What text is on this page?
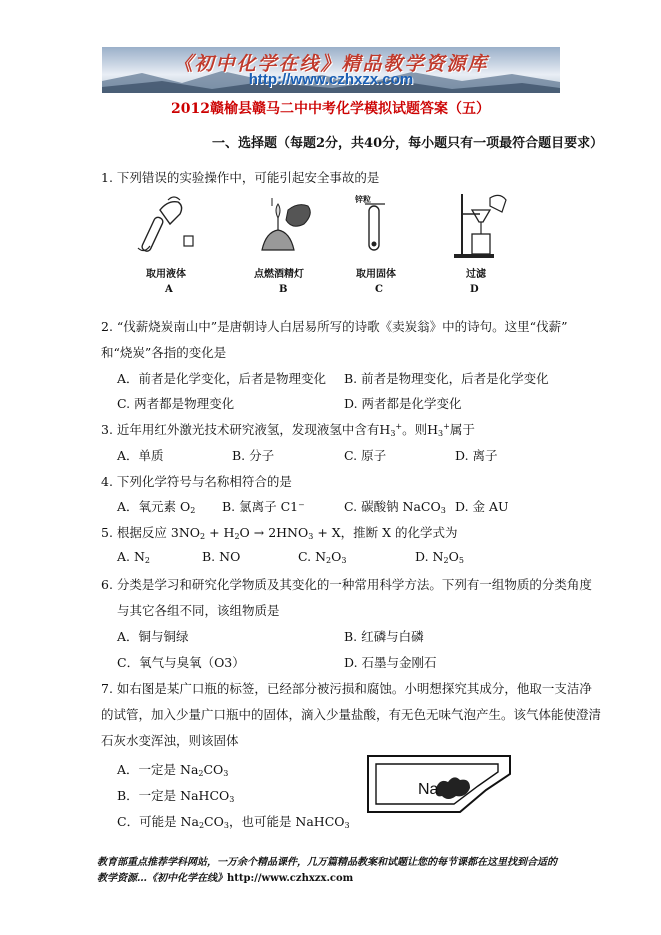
《初中化学在线》精品教学资源库
http://www.czhxzx.com
2012赣榆县赣马二中中考化学模拟试题答案（五）
一、选择题（每题2分，共40分，每小题只有一项最符合题目要求）
1. 下列错误的实验操作中，可能引起安全事故的是
取用液体
A
点燃酒精灯
B
锌粒
取用固体
C
过滤
D
2. “伐薪烧炭南山中”是唐朝诗人白居易所写的诗歌《卖炭翁》中的诗句。这里“伐薪”
和“烧炭”各指的变化是
A．前者是化学变化，后者是物理变化 B. 前者是物理变化，后者是化学变化
C. 两者都是物理变化	D. 两者都是化学变化
3. 近年用红外激光技术研究液氢，发现液氢中含有$H_3^+$。则$H_3^+$属于
A．单质	B. 分子	C. 原子	D. 离子
4. 下列化学符号与名称相符合的是
A．氧元素 $O_2$ B. 氯离子 C1⁻	C. 碳酸钠 NaCO$_3$ D. 金 AU
5. 根据反应 $3NO_2 + H_2O \to 2HNO_3 + X$，推断 X 的化学式为
A. $N_2$	B. NO	C. $N_2O_3$	D. $N_2O_5$
6. 分类是学习和研究化学物质及其变化的一种常用科学方法。下列有一组物质的分类角度
与其它各组不同，该组物质是
A．铜与铜绿	B. 红磷与白磷
C．氧气与臭氧（O3）	D. 石墨与金刚石
7. 如右图是某广口瓶的标签，已经部分被污损和腐蚀。小明想探究其成分，他取一支洁净
的试管，加入少量广口瓶中的固体，滴入少量盐酸，有无色无味气泡产生。该气体能使澄清
石灰水变浑浊，则该固体
A．一定是 $Na_2CO_3$
B．一定是 NaHCO$_3$
C．可能是 $Na_2CO_3$，也可能是 NaHCO$_3$
Na
教育部重点推荐学科网站，一万余个精品课件，几万篇精品教案和试题让您的每节课都在这里找到合适的
教学资源…《初中化学在线》http://www.czhxzx.com
